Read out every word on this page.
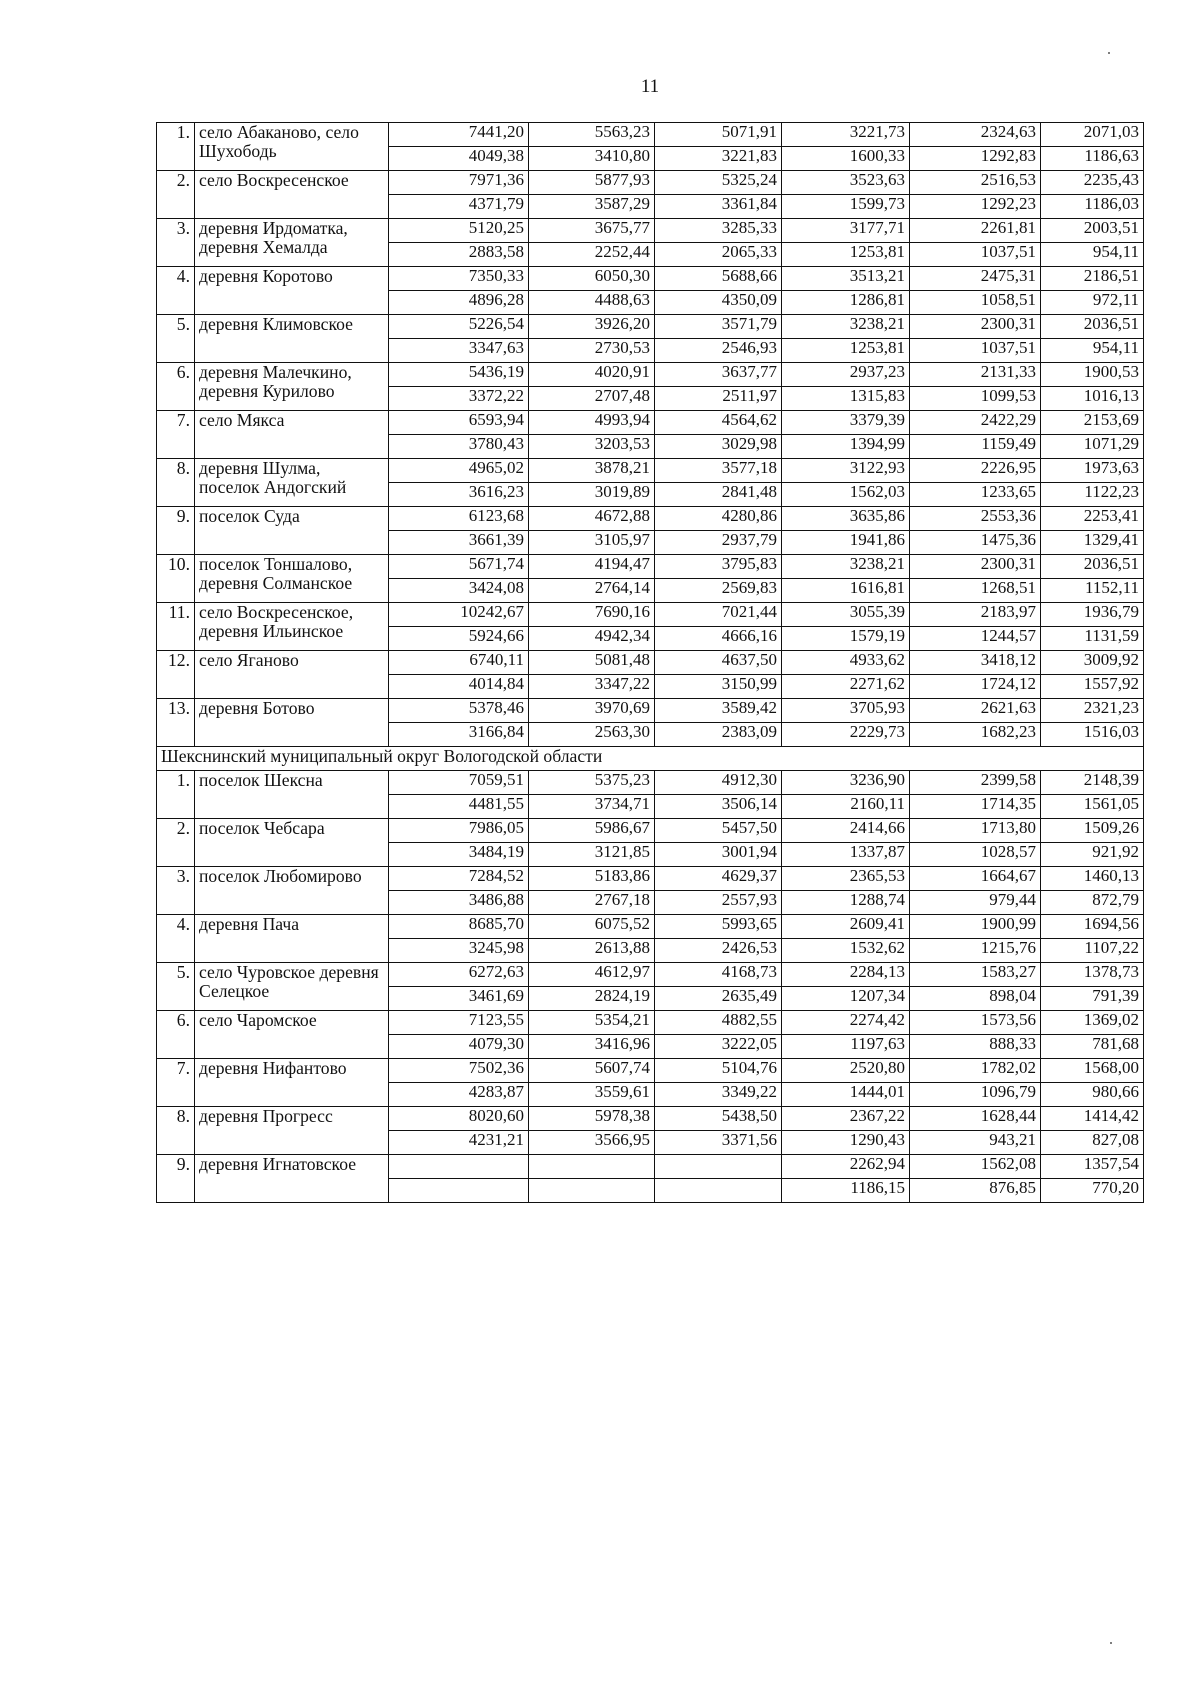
11
1.	село Абаканово, село Шухободь	7441,20	5563,23	5071,91	3221,73	2324,63	2071,03
		4049,38	3410,80	3221,83	1600,33	1292,83	1186,63
2.	село Воскресенское	7971,36	5877,93	5325,24	3523,63	2516,53	2235,43
		4371,79	3587,29	3361,84	1599,73	1292,23	1186,03
3.	деревня Ирдоматка, деревня Хемалда	5120,25	3675,77	3285,33	3177,71	2261,81	2003,51
		2883,58	2252,44	2065,33	1253,81	1037,51	954,11
4.	деревня Коротово	7350,33	6050,30	5688,66	3513,21	2475,31	2186,51
		4896,28	4488,63	4350,09	1286,81	1058,51	972,11
5.	деревня Климовское	5226,54	3926,20	3571,79	3238,21	2300,31	2036,51
		3347,63	2730,53	2546,93	1253,81	1037,51	954,11
6.	деревня Малечкино, деревня Курилово	5436,19	4020,91	3637,77	2937,23	2131,33	1900,53
		3372,22	2707,48	2511,97	1315,83	1099,53	1016,13
7.	село Мякса	6593,94	4993,94	4564,62	3379,39	2422,29	2153,69
		3780,43	3203,53	3029,98	1394,99	1159,49	1071,29
8.	деревня Шулма, поселок Андогский	4965,02	3878,21	3577,18	3122,93	2226,95	1973,63
		3616,23	3019,89	2841,48	1562,03	1233,65	1122,23
9.	поселок Суда	6123,68	4672,88	4280,86	3635,86	2553,36	2253,41
		3661,39	3105,97	2937,79	1941,86	1475,36	1329,41
10.	поселок Тоншалово, деревня Солманское	5671,74	4194,47	3795,83	3238,21	2300,31	2036,51
		3424,08	2764,14	2569,83	1616,81	1268,51	1152,11
11.	село Воскресенское, деревня Ильинское	10242,67	7690,16	7021,44	3055,39	2183,97	1936,79
		5924,66	4942,34	4666,16	1579,19	1244,57	1131,59
12.	село Яганово	6740,11	5081,48	4637,50	4933,62	3418,12	3009,92
		4014,84	3347,22	3150,99	2271,62	1724,12	1557,92
13.	деревня Ботово	5378,46	3970,69	3589,42	3705,93	2621,63	2321,23
		3166,84	2563,30	2383,09	2229,73	1682,23	1516,03
Шекснинский муниципальный округ Вологодской области							
1.	поселок Шексна	7059,51	5375,23	4912,30	3236,90	2399,58	2148,39
		4481,55	3734,71	3506,14	2160,11	1714,35	1561,05
2.	поселок Чебсара	7986,05	5986,67	5457,50	2414,66	1713,80	1509,26
		3484,19	3121,85	3001,94	1337,87	1028,57	921,92
3.	поселок Любомирово	7284,52	5183,86	4629,37	2365,53	1664,67	1460,13
		3486,88	2767,18	2557,93	1288,74	979,44	872,79
4.	деревня Пача	8685,70	6075,52	5993,65	2609,41	1900,99	1694,56
		3245,98	2613,88	2426,53	1532,62	1215,76	1107,22
5.	село Чуровское деревня Селецкое	6272,63	4612,97	4168,73	2284,13	1583,27	1378,73
		3461,69	2824,19	2635,49	1207,34	898,04	791,39
6.	село Чаромское	7123,55	5354,21	4882,55	2274,42	1573,56	1369,02
		4079,30	3416,96	3222,05	1197,63	888,33	781,68
7.	деревня Нифантово	7502,36	5607,74	5104,76	2520,80	1782,02	1568,00
		4283,87	3559,61	3349,22	1444,01	1096,79	980,66
8.	деревня Прогресс	8020,60	5978,38	5438,50	2367,22	1628,44	1414,42
		4231,21	3566,95	3371,56	1290,43	943,21	827,08
9.	деревня Игнатовское				2262,94	1562,08	1357,54
					1186,15	876,85	770,20
